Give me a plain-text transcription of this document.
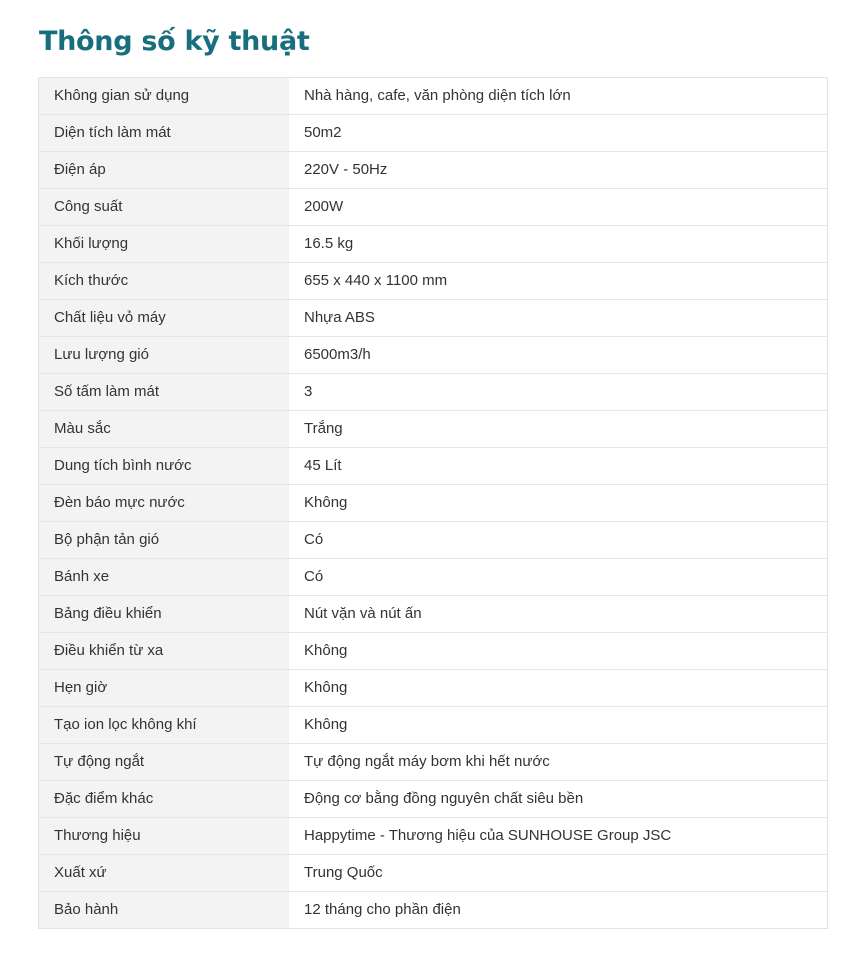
Thông số kỹ thuật
Không gian sử dụng	Nhà hàng, cafe, văn phòng diện tích lớn
Diện tích làm mát	50m2
Điện áp	220V - 50Hz
Công suất	200W
Khối lượng	16.5 kg
Kích thước	655 x 440 x 1100 mm
Chất liệu vỏ máy	Nhựa ABS
Lưu lượng gió	6500m3/h
Số tấm làm mát	3
Màu sắc	Trắng
Dung tích bình nước	45 Lít
Đèn báo mực nước	Không
Bộ phận tản gió	Có
Bánh xe	Có
Bảng điều khiển	Nút vặn và nút ấn
Điều khiển từ xa	Không
Hẹn giờ	Không
Tạo ion lọc không khí	Không
Tự động ngắt	Tự động ngắt máy bơm khi hết nước
Đặc điểm khác	Động cơ bằng đồng nguyên chất siêu bền
Thương hiệu	Happytime - Thương hiệu của SUNHOUSE Group JSC
Xuất xứ	Trung Quốc
Bảo hành	12 tháng cho phần điện
